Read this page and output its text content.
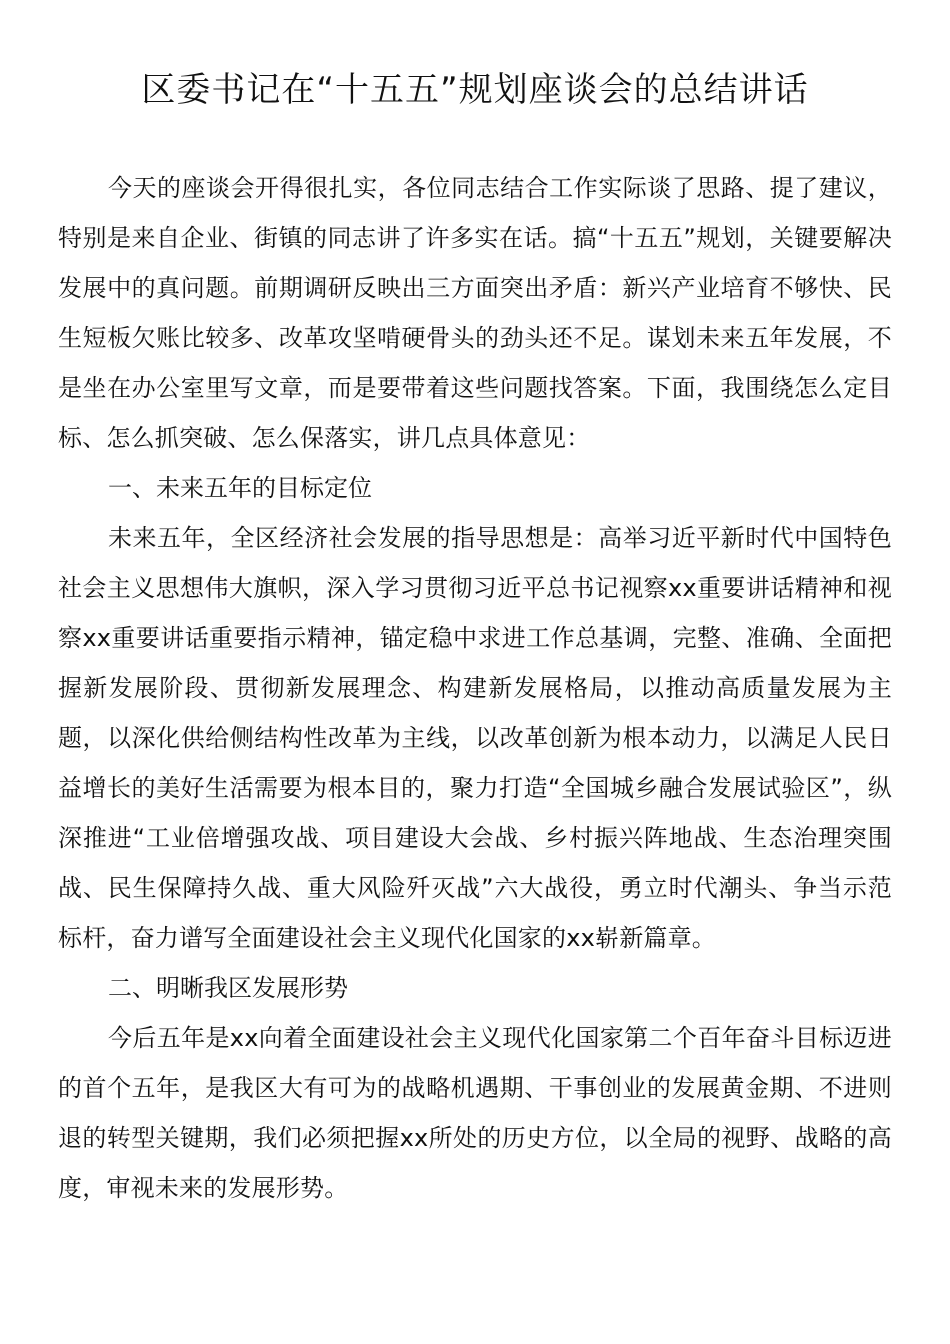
区委书记在“十五五”规划座谈会的总结讲话

今天的座谈会开得很扎实，各位同志结合工作实际谈了思路、提了建议，特别是来自企业、街镇的同志讲了许多实在话。搞“十五五”规划，关键要解决发展中的真问题。前期调研反映出三方面突出矛盾：新兴产业培育不够快、民生短板欠账比较多、改革攻坚啃硬骨头的劲头还不足。谋划未来五年发展，不是坐在办公室里写文章，而是要带着这些问题找答案。下面，我围绕怎么定目标、怎么抓突破、怎么保落实，讲几点具体意见：

一、未来五年的目标定位

未来五年，全区经济社会发展的指导思想是：高举习近平新时代中国特色社会主义思想伟大旗帜，深入学习贯彻习近平总书记视察xx重要讲话精神和视察xx重要讲话重要指示精神，锚定稳中求进工作总基调，完整、准确、全面把握新发展阶段、贯彻新发展理念、构建新发展格局，以推动高质量发展为主题，以深化供给侧结构性改革为主线，以改革创新为根本动力，以满足人民日益增长的美好生活需要为根本目的，聚力打造“全国城乡融合发展试验区”，纵深推进“工业倍增强攻战、项目建设大会战、乡村振兴阵地战、生态治理突围战、民生保障持久战、重大风险歼灭战”六大战役，勇立时代潮头、争当示范标杆，奋力谱写全面建设社会主义现代化国家的xx崭新篇章。

二、明晰我区发展形势

今后五年是xx向着全面建设社会主义现代化国家第二个百年奋斗目标迈进的首个五年，是我区大有可为的战略机遇期、干事创业的发展黄金期、不进则退的转型关键期，我们必须把握xx所处的历史方位，以全局的视野、战略的高度，审视未来的发展形势。
